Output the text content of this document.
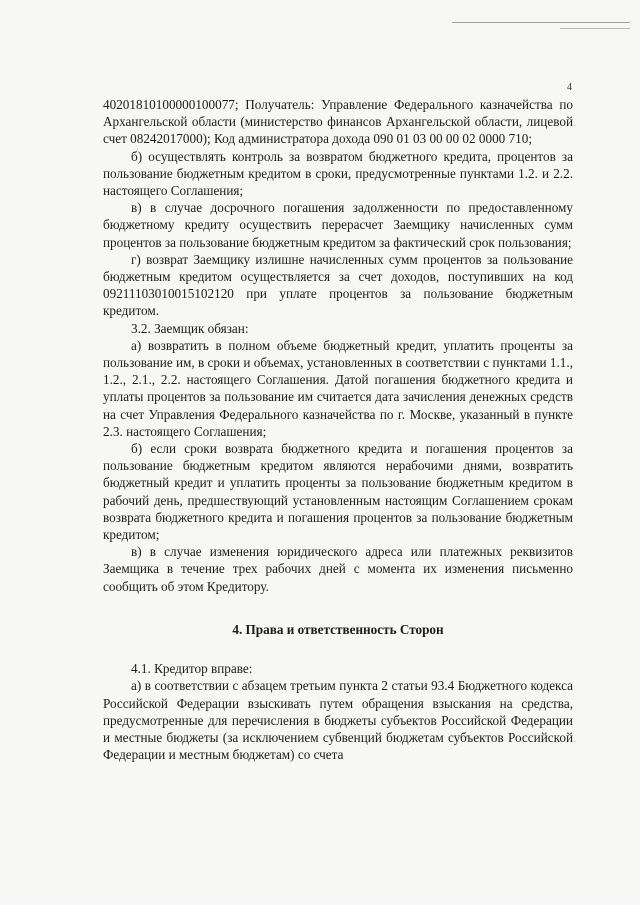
4

40201810100000100077; Получатель: Управление Федерального казначейства по Архангельской области (министерство финансов Архангельской области, лицевой счет 08242017000); Код администратора дохода 090 01 03 00 00 02 0000 710;

б) осуществлять контроль за возвратом бюджетного кредита, процентов за пользование бюджетным кредитом в сроки, предусмотренные пунктами 1.2. и 2.2. настоящего Соглашения;

в) в случае досрочного погашения задолженности по предоставленному бюджетному кредиту осуществить перерасчет Заемщику начисленных сумм процентов за пользование бюджетным кредитом за фактический срок пользования;

г) возврат Заемщику излишне начисленных сумм процентов за пользование бюджетным кредитом осуществляется за счет доходов, поступивших на код 09211103010015102120 при уплате процентов за пользование бюджетным кредитом.

3.2. Заемщик обязан:

а) возвратить в полном объеме бюджетный кредит, уплатить проценты за пользование им, в сроки и объемах, установленных в соответствии с пунктами 1.1., 1.2., 2.1., 2.2. настоящего Соглашения. Датой погашения бюджетного кредита и уплаты процентов за пользование им считается дата зачисления денежных средств на счет Управления Федерального казначейства по г. Москве, указанный в пункте 2.3. настоящего Соглашения;

б) если сроки возврата бюджетного кредита и погашения процентов за пользование бюджетным кредитом являются нерабочими днями, возвратить бюджетный кредит и уплатить проценты за пользование бюджетным кредитом в рабочий день, предшествующий установленным настоящим Соглашением срокам возврата бюджетного кредита и погашения процентов за пользование бюджетным кредитом;

в) в случае изменения юридического адреса или платежных реквизитов Заемщика в течение трех рабочих дней с момента их изменения письменно сообщить об этом Кредитору.

4. Права и ответственность Сторон

4.1. Кредитор вправе:

а) в соответствии с абзацем третьим пункта 2 статьи 93.4 Бюджетного кодекса Российской Федерации взыскивать путем обращения взыскания на средства, предусмотренные для перечисления в бюджеты субъектов Российской Федерации и местные бюджеты (за исключением субвенций бюджетам субъектов Российской Федерации и местным бюджетам) со счета
